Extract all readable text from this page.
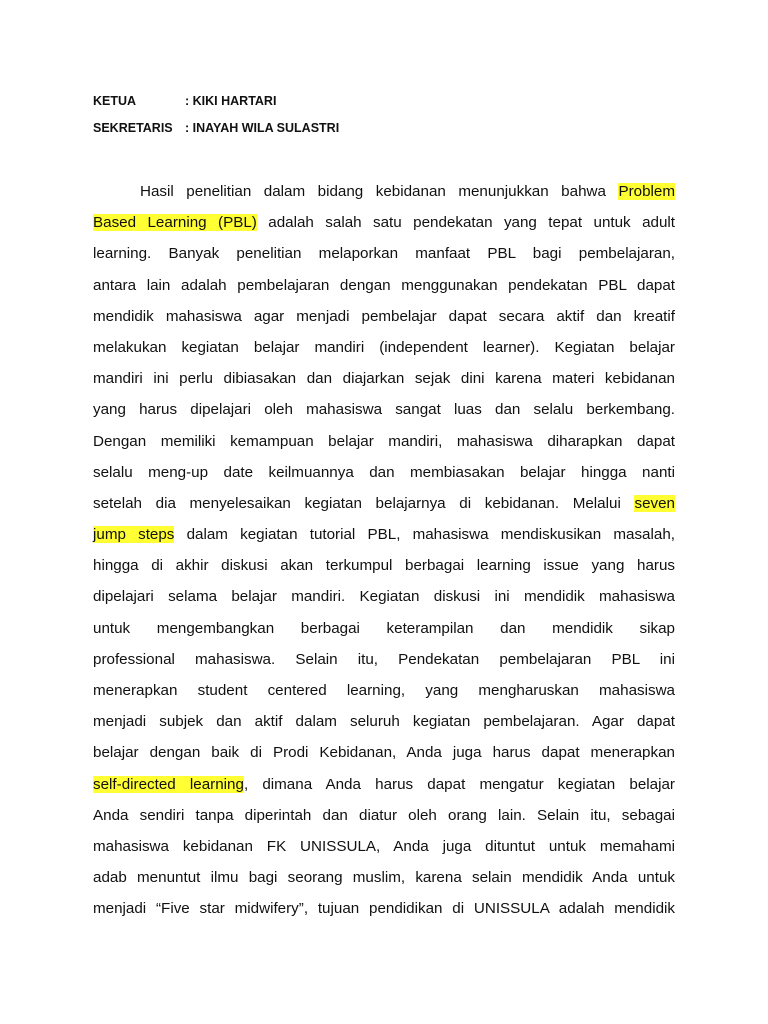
KETUA	: KIKI HARTARI
SEKRETARIS : INAYAH WILA SULASTRI
Hasil penelitian dalam bidang kebidanan menunjukkan bahwa Problem
Based Learning (PBL) adalah salah satu pendekatan yang tepat untuk adult
learning. Banyak penelitian melaporkan manfaat PBL bagi pembelajaran,
antara lain adalah pembelajaran dengan menggunakan pendekatan PBL dapat
mendidik mahasiswa agar menjadi pembelajar dapat secara aktif dan kreatif
melakukan kegiatan belajar mandiri (independent learner). Kegiatan belajar
mandiri ini perlu dibiasakan dan diajarkan sejak dini karena materi kebidanan
yang harus dipelajari oleh mahasiswa sangat luas dan selalu berkembang.
Dengan memiliki kemampuan belajar mandiri, mahasiswa diharapkan dapat
selalu meng-up date keilmuannya dan membiasakan belajar hingga nanti
setelah dia menyelesaikan kegiatan belajarnya di kebidanan. Melalui seven
jump steps dalam kegiatan tutorial PBL, mahasiswa mendiskusikan masalah,
hingga di akhir diskusi akan terkumpul berbagai learning issue yang harus
dipelajari selama belajar mandiri. Kegiatan diskusi ini mendidik mahasiswa
untuk mengembangkan berbagai keterampilan dan mendidik sikap
professional mahasiswa. Selain itu, Pendekatan pembelajaran PBL ini
menerapkan student centered learning, yang mengharuskan mahasiswa
menjadi subjek dan aktif dalam seluruh kegiatan pembelajaran. Agar dapat
belajar dengan baik di Prodi Kebidanan, Anda juga harus dapat menerapkan
self-directed learning, dimana Anda harus dapat mengatur kegiatan belajar
Anda sendiri tanpa diperintah dan diatur oleh orang lain. Selain itu, sebagai
mahasiswa kebidanan FK UNISSULA, Anda juga dituntut untuk memahami
adab menuntut ilmu bagi seorang muslim, karena selain mendidik Anda untuk
menjadi “Five star midwifery”, tujuan pendidikan di UNISSULA adalah mendidik
